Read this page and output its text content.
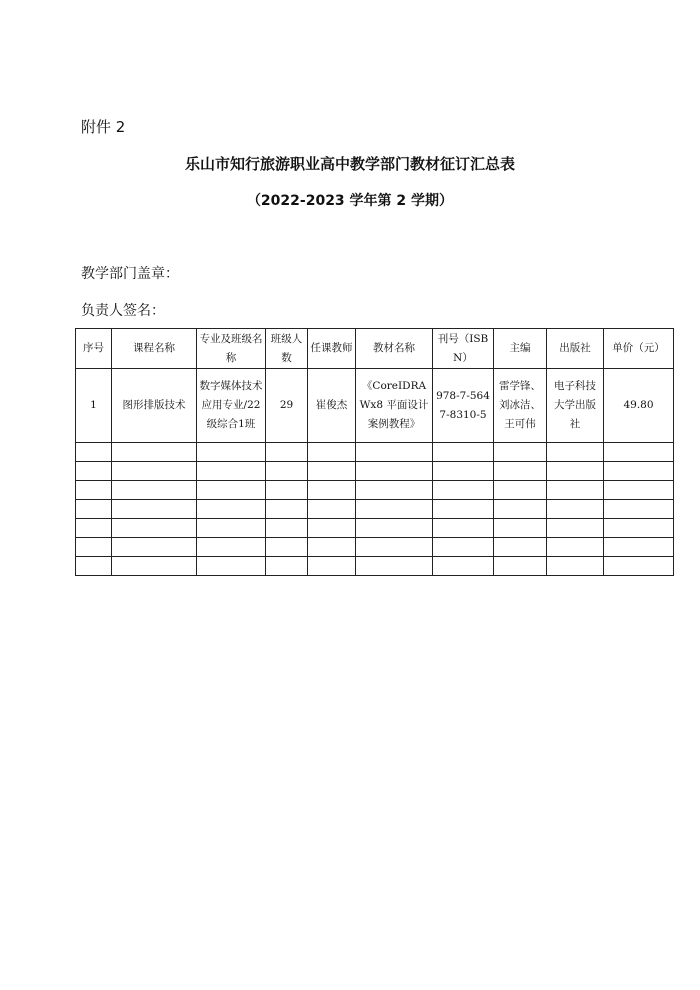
附件 2
乐山市知行旅游职业高中教学部门教材征订汇总表
（2022-2023 学年第 2 学期）
教学部门盖章：
负责人签名：
序号	课程名称	专业及班级名称	班级人数	任课教师	教材名称	刊号（ISBN）	主编	出版社	单价（元）
1	图形排版技术	数字媒体技术应用专业/22级综合1班	29	崔俊杰	《CoreIDRAWx8 平面设计案例教程》	978-7-5647-8310-5	雷学锋、刘冰洁、王可伟	电子科技大学出版社	49.80
